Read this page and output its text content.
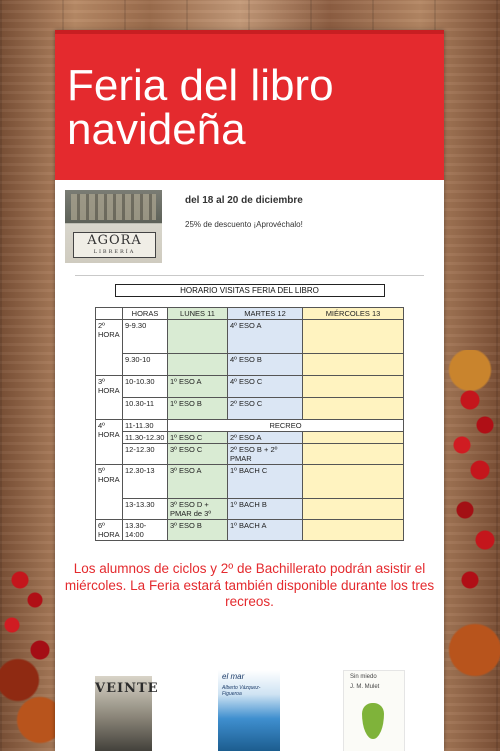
Feria del libro
navideña
AGORA
LIBRERÍA
del 18 al 20 de diciembre
25% de descuento ¡Aprovéchalo!
HORARIO VISITAS FERIA DEL LIBRO
	HORAS	LUNES 11	MARTES 12	MIÉRCOLES 13
2º HORA	9-9.30		4º ESO A	
	9.30-10		4º ESO B	
3º HORA	10-10.30	1º ESO A	4º ESO C	
	10.30-11	1º ESO B	2º ESO C	
4º HORA	11-11.30	RECREO		
	11.30-12.30	1º ESO C	2º ESO A	
	12-12.30	3º ESO C	2º ESO B + 2º PMAR	
5º HORA	12.30-13	3º ESO A	1º BACH C	
	13-13.30	3º ESO D + PMAR de 3º	1º BACH B	
6º HORA	13.30-14:00	3º ESO B	1º BACH A	
Los alumnos de ciclos y 2º de Bachillerato podrán asistir el miércoles. La Feria estará también disponible durante los tres recreos.
VEINTE
el mar
Alberto Vázquez-Figueroa
Sin miedo
J. M. Mulet
